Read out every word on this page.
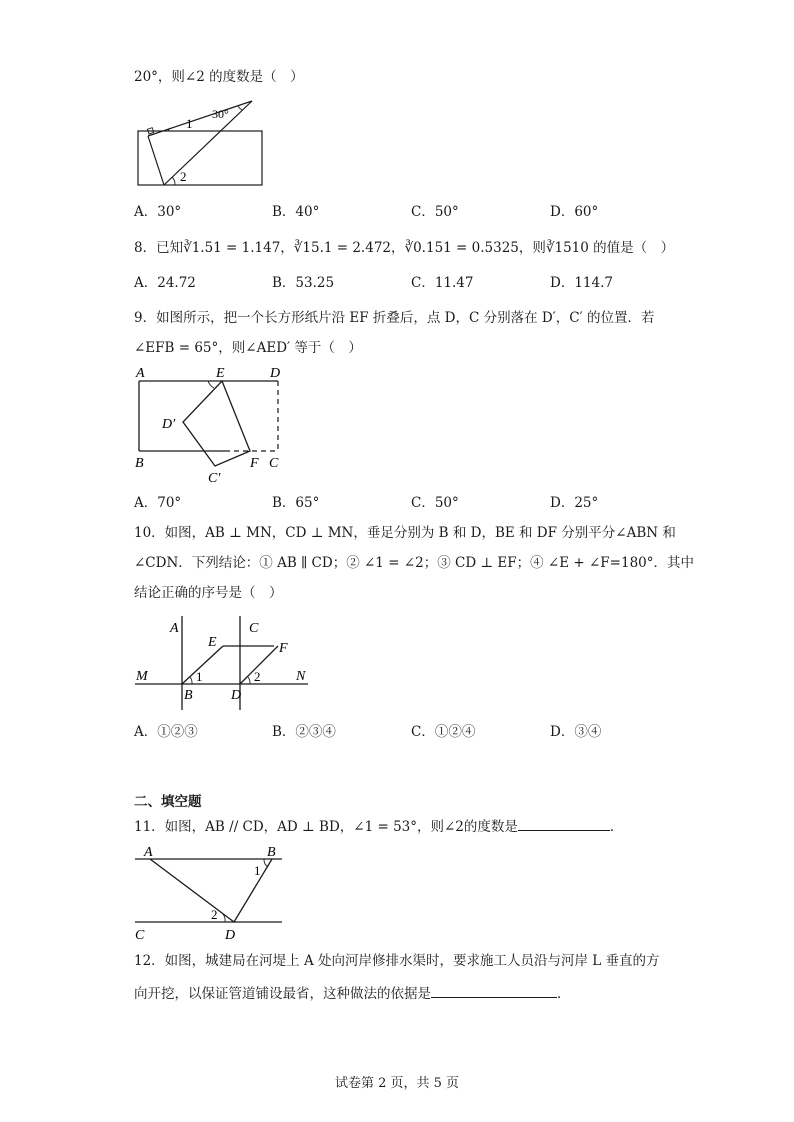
20°，则∠2 的度数是（　）
1
30°
2
A．30°	B．40°	C．50°	D．60°
8．已知∛1.51 = 1.147，∛15.1 = 2.472，∛0.151 = 0.5325，则∛1510 的值是（　）
A．24.72	B．53.25	C．11.47	D．114.7
9．如图所示，把一个长方形纸片沿 EF 折叠后，点 D，C 分别落在 D′，C′ 的位置．若
∠EFB = 65°，则∠AED′ 等于（　）
A	E	D
D′
B
C′
F C
A．70°	B．65°	C．50°	D．25°
10．如图，AB ⊥ MN，CD ⊥ MN，垂足分别为 B 和 D，BE 和 DF 分别平分∠ABN 和
∠CDN．下列结论：① AB ∥ CD；② ∠1 = ∠2；③ CD ⊥ EF；④ ∠E + ∠F=180°．其中
结论正确的序号是（　）
A	C
E	F
M	N
B	D
1	2
A．①②③	B．②③④	C．①②④	D．③④
二、填空题
11．如图，AB // CD，AD ⊥ BD，∠1 = 53°，则∠2的度数是	．
A	B
C	D
1
2
12．如图，城建局在河堤上 A 处向河岸修排水渠时，要求施工人员沿与河岸 L 垂直的方
向开挖，以保证管道铺设最省，这种做法的依据是	．
试卷第 2 页，共 5 页
